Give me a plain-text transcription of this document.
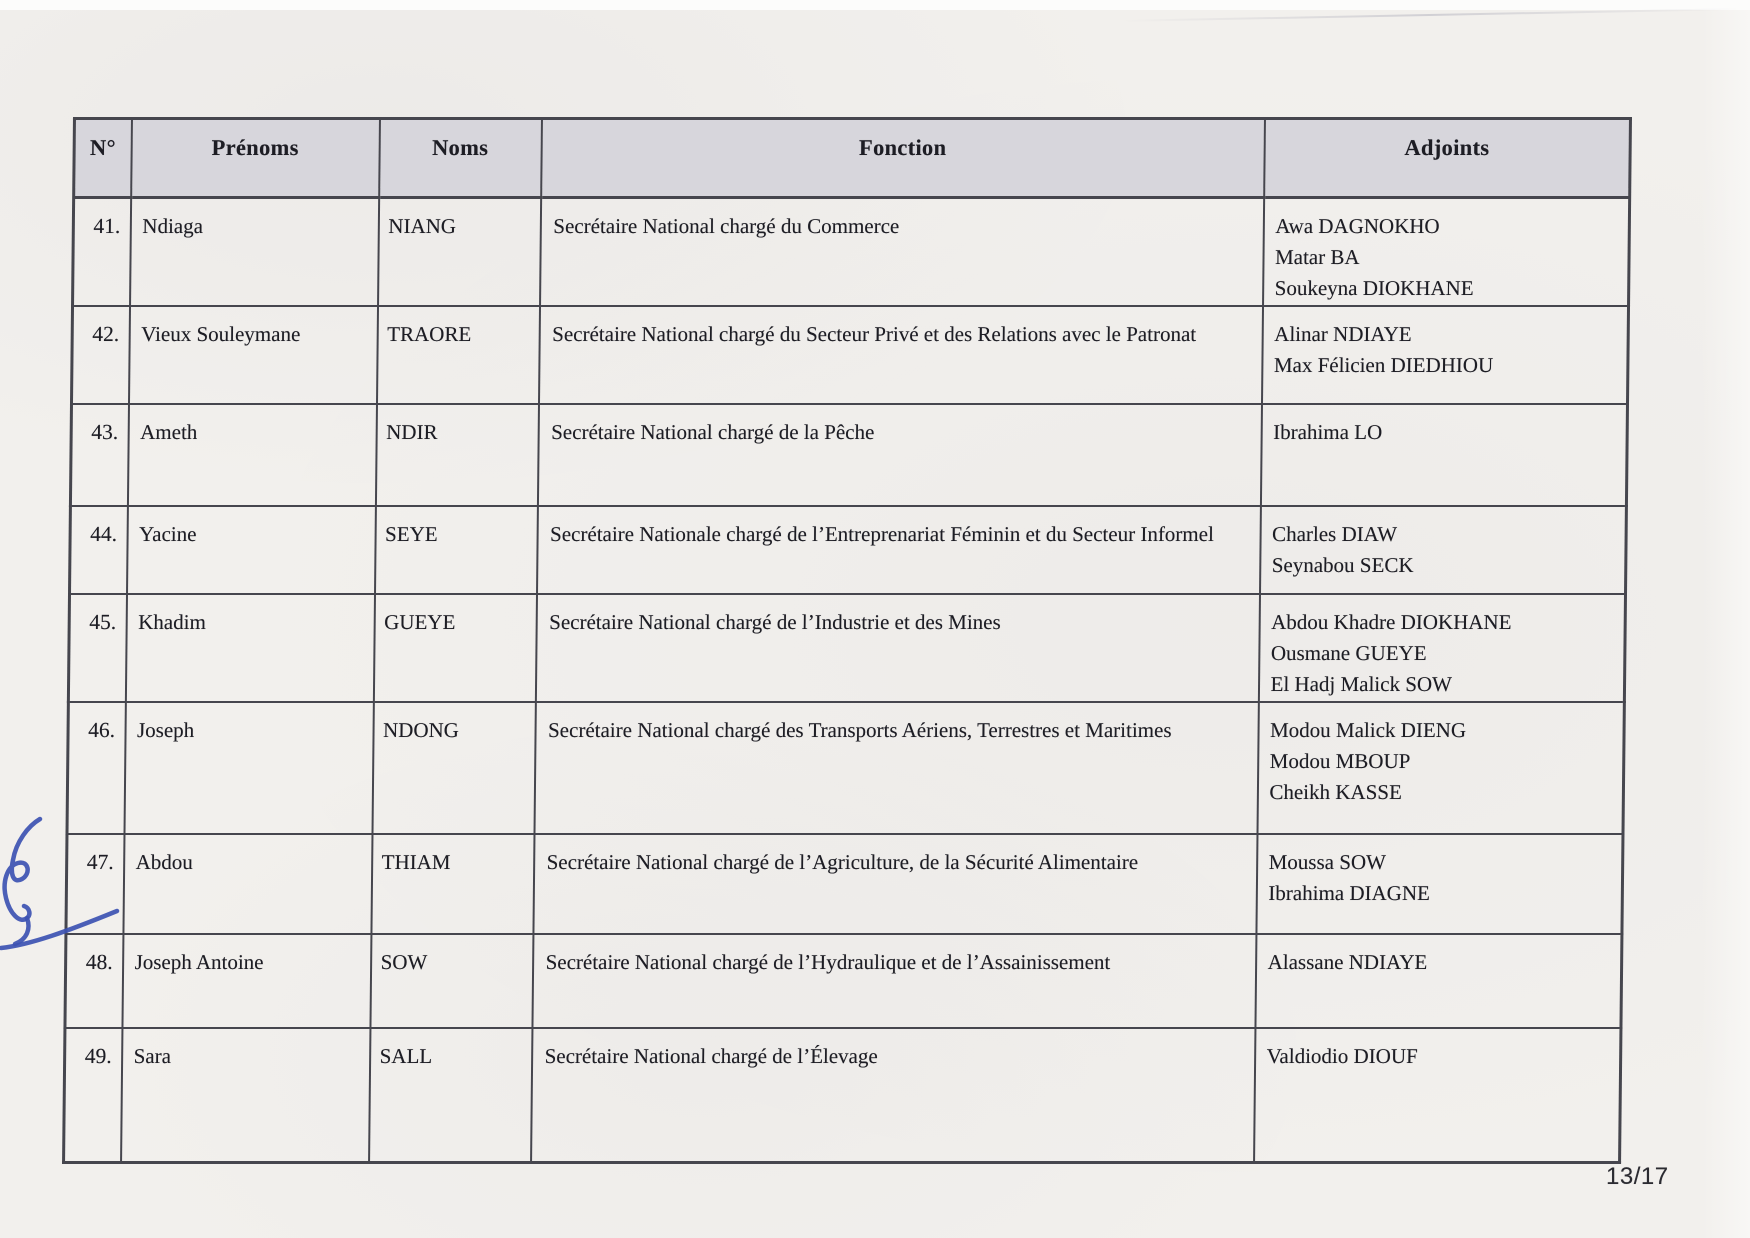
N°	Prénoms	Noms	Fonction	Adjoints
41.	Ndiaga	NIANG	Secrétaire National chargé du Commerce	Awa DAGNOKHO
Matar BA
Soukeyna DIOKHANE

42.	Vieux Souleymane	TRAORE	Secrétaire National chargé du Secteur Privé et des Relations avec le Patronat	Alinar NDIAYE
Max Félicien DIEDHIOU

43.	Ameth	NDIR	Secrétaire National chargé de la Pêche	Ibrahima LO

44.	Yacine	SEYE	Secrétaire Nationale chargé de l’Entreprenariat Féminin et du Secteur Informel	Charles DIAW
Seynabou SECK

45.	Khadim	GUEYE	Secrétaire National chargé de l’Industrie et des Mines	Abdou Khadre DIOKHANE
Ousmane GUEYE
El Hadj Malick SOW

46.	Joseph	NDONG	Secrétaire National chargé des Transports Aériens, Terrestres et Maritimes	Modou Malick DIENG
Modou MBOUP
Cheikh KASSE

47.	Abdou	THIAM	Secrétaire National chargé de l’Agriculture, de la Sécurité Alimentaire	Moussa SOW
Ibrahima DIAGNE

48.	Joseph Antoine	SOW	Secrétaire National chargé de l’Hydraulique et de l’Assainissement	Alassane NDIAYE

49.	Sara	SALL	Secrétaire National chargé de l’Élevage	Valdiodio DIOUF
13/17
